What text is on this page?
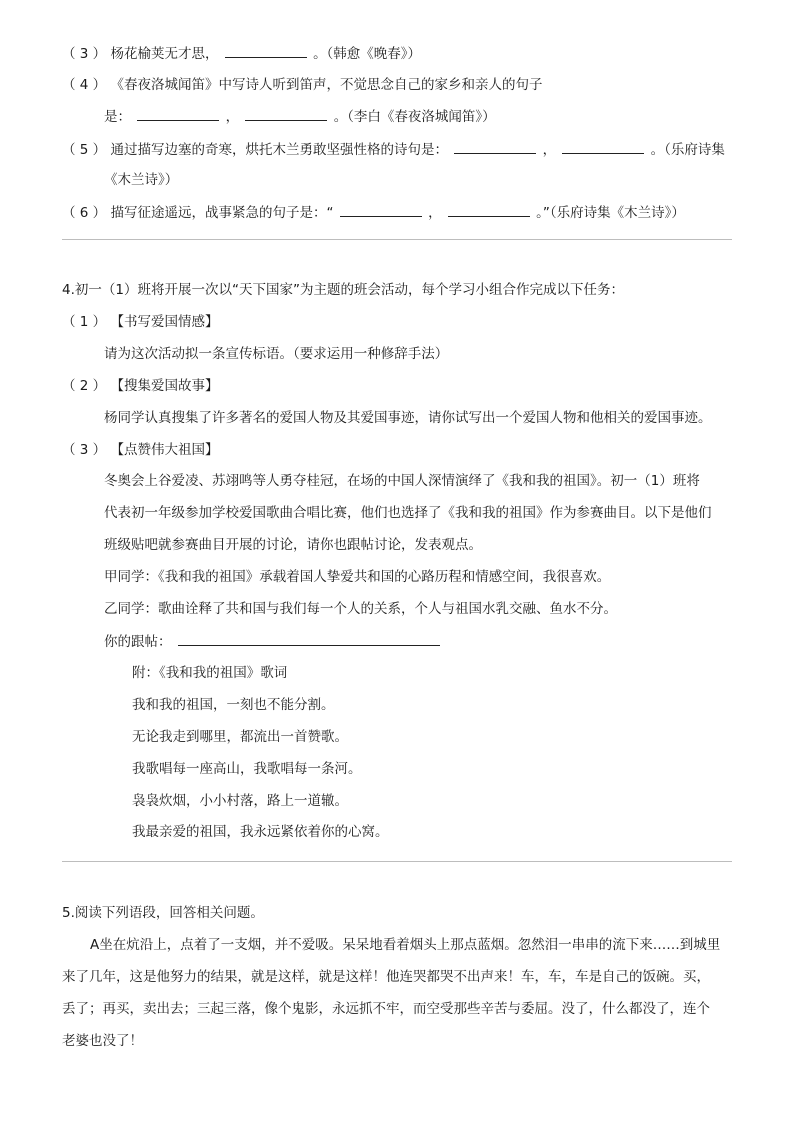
（ 3 ） 杨花榆荚无才思，	。（韩愈《晚春》）
（ 4 ） 《春夜洛城闻笛》中写诗人听到笛声，不觉思念自己的家乡和亲人的句子
是：	，	。（李白《春夜洛城闻笛》）
（ 5 ） 通过描写边塞的奇寒，烘托木兰勇敢坚强性格的诗句是：	，	。（乐府诗集
《木兰诗》）
（ 6 ） 描写征途遥远，战事紧急的句子是：“	，	。”（乐府诗集《木兰诗》）
4.初一（1）班将开展一次以“天下国家”为主题的班会活动，每个学习小组合作完成以下任务：
（ 1 ） 【书写爱国情感】
请为这次活动拟一条宣传标语。（要求运用一种修辞手法）
（ 2 ） 【搜集爱国故事】
杨同学认真搜集了许多著名的爱国人物及其爱国事迹，请你试写出一个爱国人物和他相关的爱国事迹。
（ 3 ） 【点赞伟大祖国】
冬奥会上谷爱凌、苏翊鸣等人勇夺桂冠，在场的中国人深情演绎了《我和我的祖国》。初一（1）班将
代表初一年级参加学校爱国歌曲合唱比赛，他们也选择了《我和我的祖国》作为参赛曲目。以下是他们
班级贴吧就参赛曲目开展的讨论，请你也跟帖讨论，发表观点。
甲同学：《我和我的祖国》承载着国人挚爱共和国的心路历程和情感空间，我很喜欢。
乙同学：歌曲诠释了共和国与我们每一个人的关系，个人与祖国水乳交融、鱼水不分。
你的跟帖：
附：《我和我的祖国》歌词
我和我的祖国，一刻也不能分割。
无论我走到哪里，都流出一首赞歌。
我歌唱每一座高山，我歌唱每一条河。
袅袅炊烟，小小村落，路上一道辙。
我最亲爱的祖国，我永远紧依着你的心窝。
5.阅读下列语段，回答相关问题。
A坐在炕沿上，点着了一支烟，并不爱吸。呆呆地看着烟头上那点蓝烟。忽然泪一串串的流下来……到城里
来了几年，这是他努力的结果，就是这样，就是这样！他连哭都哭不出声来！车，车，车是自己的饭碗。买，
丢了；再买，卖出去；三起三落，像个鬼影，永远抓不牢，而空受那些辛苦与委屈。没了，什么都没了，连个
老婆也没了！
